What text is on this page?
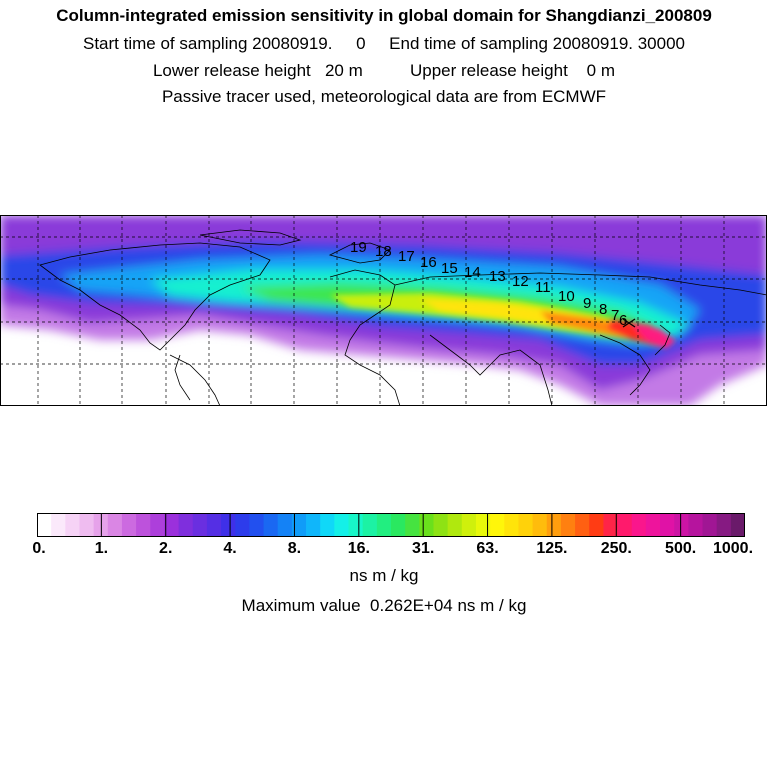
Column-integrated emission sensitivity in global domain for Shangdianzi_200809
Start time of sampling 20080919.     0     End time of sampling 20080919. 30000
Lower release height   20 m          Upper release height    0 m
Passive tracer used, meteorological data are from ECMWF
19 18 17 16 15 14 13 12 11
10 9 8 7 6
0.	1.	2.	4.	8.	16.	31.	63. 125. 250. 500. 1000.
ns m / kg
Maximum value  0.262E+04 ns m / kg
